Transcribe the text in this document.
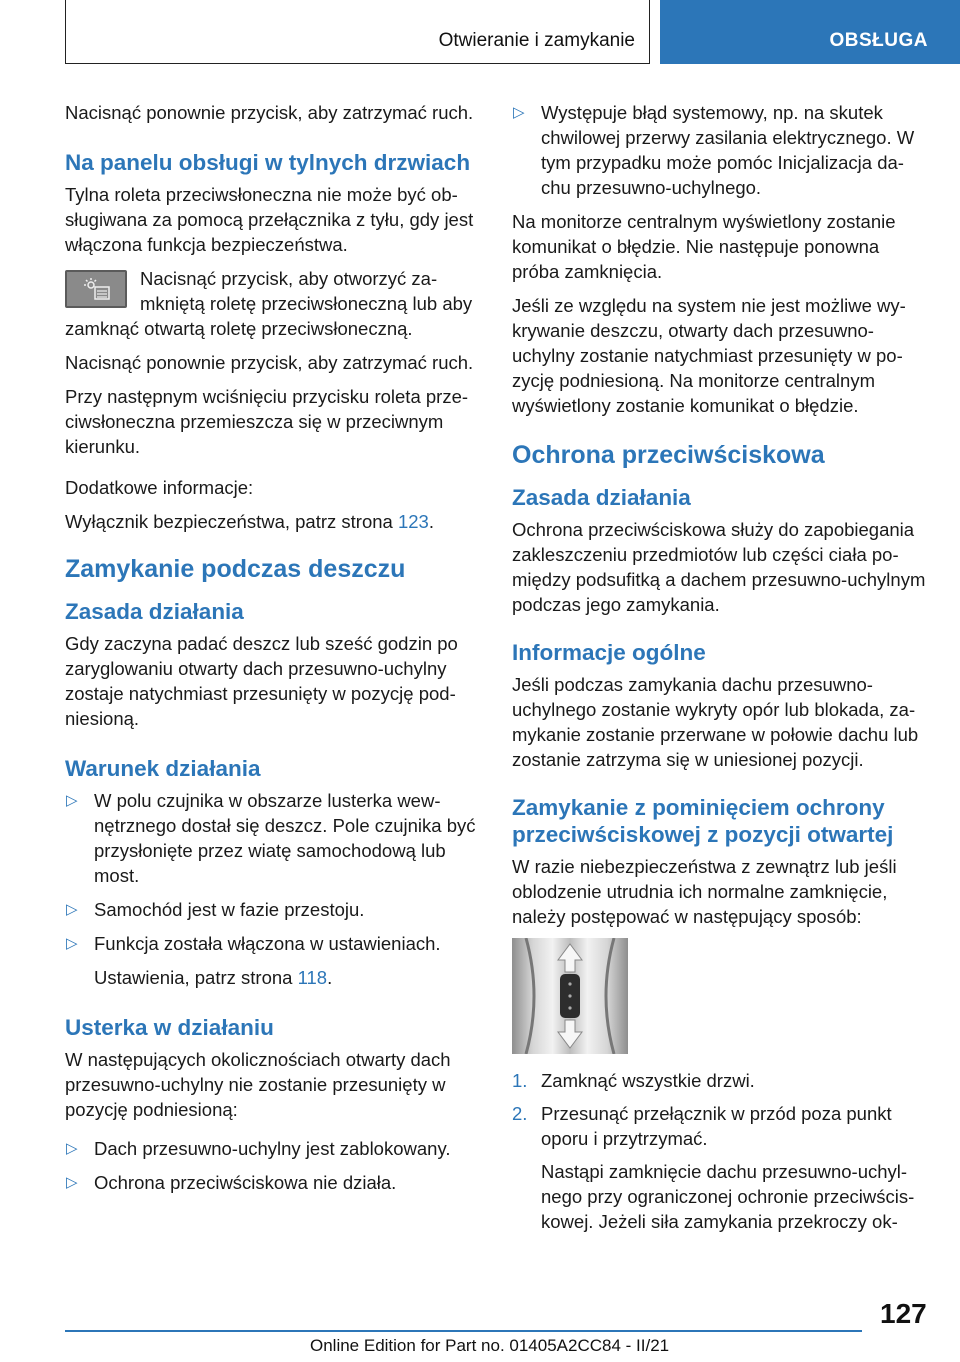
Otwieranie i zamykanie	OBSŁUGA

Nacisnąć ponownie przycisk, aby zatrzymać ruch.

Na panelu obsługi w tylnych drzwiach

Tylna roleta przeciwsłoneczna nie może być obsługiwana za pomocą przełącznika z tyłu, gdy jest włączona funkcja bezpieczeństwa.

Nacisnąć przycisk, aby otworzyć zamkniętą roletę przeciwsłoneczną lub aby zamknąć otwartą roletę przeciwsłoneczną.

Nacisnąć ponownie przycisk, aby zatrzymać ruch.

Przy następnym wciśnięciu przycisku roleta przeciwsłoneczna przemieszcza się w przeciwnym kierunku.

Dodatkowe informacje:

Wyłącznik bezpieczeństwa, patrz strona 123.

Zamykanie podczas deszczu
Zasada działania

Gdy zaczyna padać deszcz lub sześć godzin po zaryglowaniu otwarty dach przesuwno-uchylny zostaje natychmiast przesunięty w pozycję podniesioną.

Warunek działania
▷ W polu czujnika w obszarze lusterka wewnętrznego dostał się deszcz. Pole czujnika być przysłonięte przez wiatę samochodową lub most.
▷ Samochód jest w fazie przestoju.
▷ Funkcja została włączona w ustawieniach.

Ustawienia, patrz strona 118.

Usterka w działaniu

W następujących okolicznościach otwarty dach przesuwno-uchylny nie zostanie przesunięty w pozycję podniesioną:

▷ Dach przesuwno-uchylny jest zablokowany.
▷ Ochrona przeciwściskowa nie działa.
▷ Występuje błąd systemowy, np. na skutek chwilowej przerwy zasilania elektrycznego. W tym przypadku może pomóc Inicjalizacja dachu przesuwno-uchylnego.

Na monitorze centralnym wyświetlony zostanie komunikat o błędzie. Nie następuje ponowna próba zamknięcia.

Jeśli ze względu na system nie jest możliwe wykrywanie deszczu, otwarty dach przesuwno-uchylny zostanie natychmiast przesunięty w pozycję podniesioną. Na monitorze centralnym wyświetlony zostanie komunikat o błędzie.

Ochrona przeciwściskowa
Zasada działania

Ochrona przeciwściskowa służy do zapobiegania zakleszczeniu przedmiotów lub części ciała pomiędzy podsufitką a dachem przesuwno-uchylnym podczas jego zamykania.

Informacje ogólne

Jeśli podczas zamykania dachu przesuwno-uchylnego zostanie wykryty opór lub blokada, zamykanie zostanie przerwane w połowie dachu lub zostanie zatrzyma się w uniesionej pozycji.

Zamykanie z pominięciem ochrony przeciwściskowej z pozycji otwartej

W razie niebezpieczeństwa z zewnątrz lub jeśli oblodzenie utrudnia ich normalne zamknięcie, należy postępować w następujący sposób:

1. Zamknąć wszystkie drzwi.
2. Przesunąć przełącznik w przód poza punkt oporu i przytrzymać.

Nastąpi zamknięcie dachu przesuwno-uchylnego przy ograniczonej ochronie przeciwściskowej. Jeżeli siła zamykania przekroczy ok-

127
Online Edition for Part no. 01405A2CC84 - II/21
